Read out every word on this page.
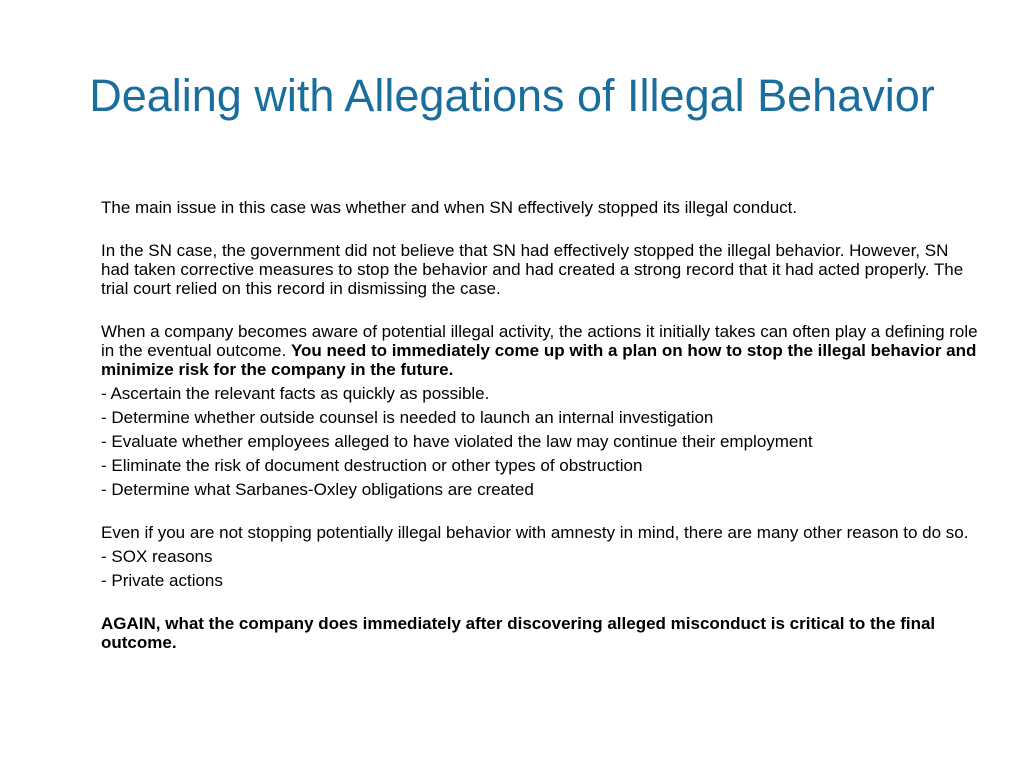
Dealing with Allegations of Illegal Behavior

The main issue in this case was whether and when SN effectively stopped its illegal conduct.

In the SN case, the government did not believe that SN had effectively stopped the illegal behavior. However, SN had taken corrective measures to stop the behavior and had created a strong record that it had acted properly. The trial court relied on this record in dismissing the case.

When a company becomes aware of potential illegal activity, the actions it initially takes can often play a defining role in the eventual outcome. You need to immediately come up with a plan on how to stop the illegal behavior and minimize risk for the company in the future.

- Ascertain the relevant facts as quickly as possible.

- Determine whether outside counsel is needed to launch an internal investigation

- Evaluate whether employees alleged to have violated the law may continue their employment

- Eliminate the risk of document destruction or other types of obstruction

- Determine what Sarbanes-Oxley obligations are created

Even if you are not stopping potentially illegal behavior with amnesty in mind, there are many other reason to do so.

- SOX reasons

- Private actions

AGAIN, what the company does immediately after discovering alleged misconduct is critical to the final outcome.
